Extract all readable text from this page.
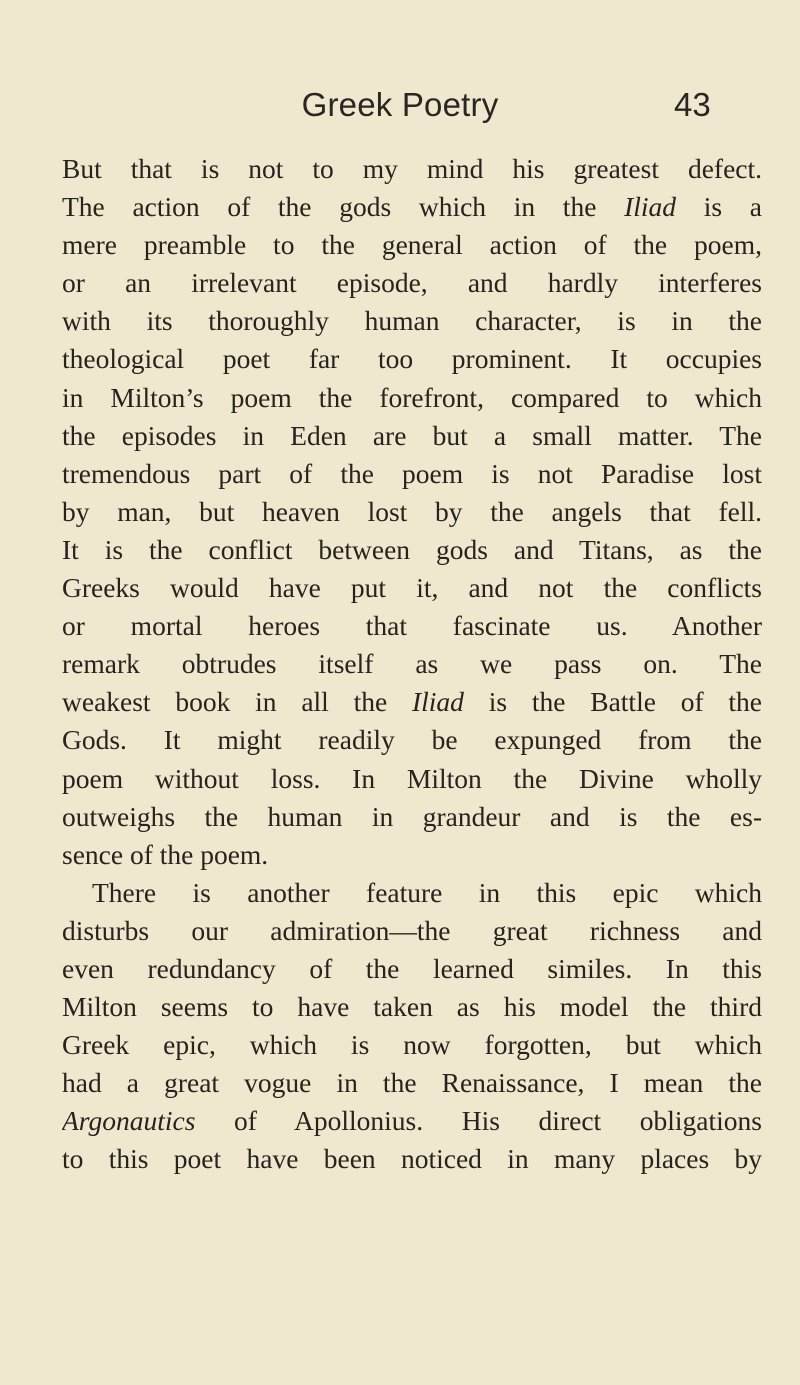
Greek Poetry	43
But that is not to my mind his greatest defect.
The action of the gods which in the Iliad is a
mere preamble to the general action of the poem,
or an irrelevant episode, and hardly interferes
with its thoroughly human character, is in the
theological poet far too prominent. It occupies
in Milton’s poem the forefront, compared to which
the episodes in Eden are but a small matter. The
tremendous part of the poem is not Paradise lost
by man, but heaven lost by the angels that fell.
It is the conflict between gods and Titans, as the
Greeks would have put it, and not the conflicts
or mortal heroes that fascinate us. Another
remark obtrudes itself as we pass on. The
weakest book in all the Iliad is the Battle of the
Gods. It might readily be expunged from the
poem without loss. In Milton the Divine wholly
outweighs the human in grandeur and is the es-
sence of the poem.
There is another feature in this epic which
disturbs our admiration—the great richness and
even redundancy of the learned similes. In this
Milton seems to have taken as his model the third
Greek epic, which is now forgotten, but which
had a great vogue in the Renaissance, I mean the
Argonautics of Apollonius. His direct obligations
to this poet have been noticed in many places by
